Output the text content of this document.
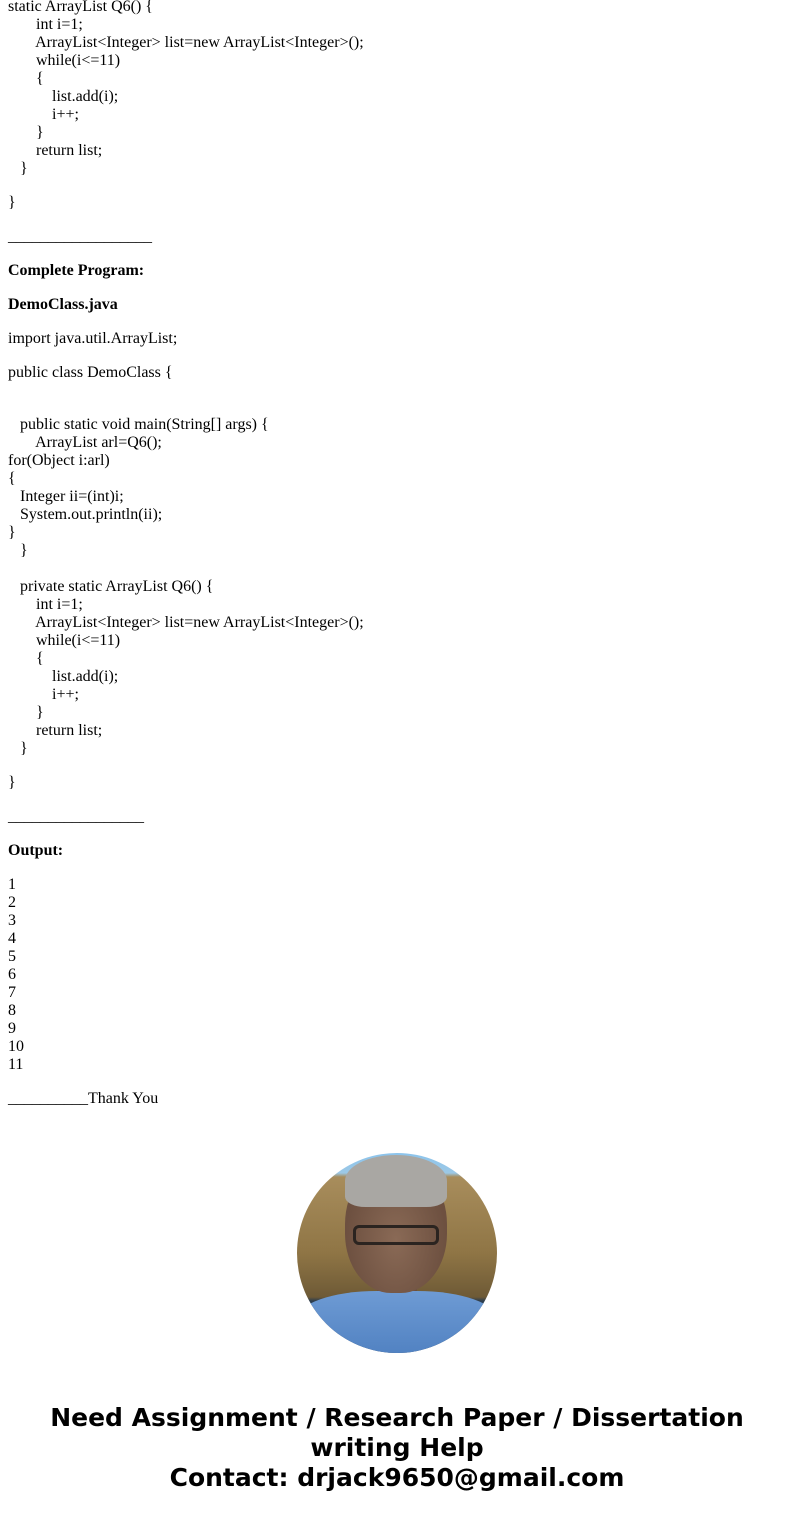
static ArrayList Q6() {
int i=1;
ArrayList<Integer> list=new ArrayList<Integer>();
while(i<=11)
{
list.add(i);
i++;
}
return list;
}
}
__________________
Complete Program:
DemoClass.java
import java.util.ArrayList;
public class DemoClass {
public static void main(String[] args) {
ArrayList arl=Q6();
for(Object i:arl)
{
Integer ii=(int)i;
System.out.println(ii);
}
}
private static ArrayList Q6() {
int i=1;
ArrayList<Integer> list=new ArrayList<Integer>();
while(i<=11)
{
list.add(i);
i++;
}
return list;
}
}
_________________
Output:
1
2
3
4
5
6
7
8
9
10
11
__________Thank You
Need Assignment / Research Paper / Dissertation
writing Help
Contact: drjack9650@gmail.com
